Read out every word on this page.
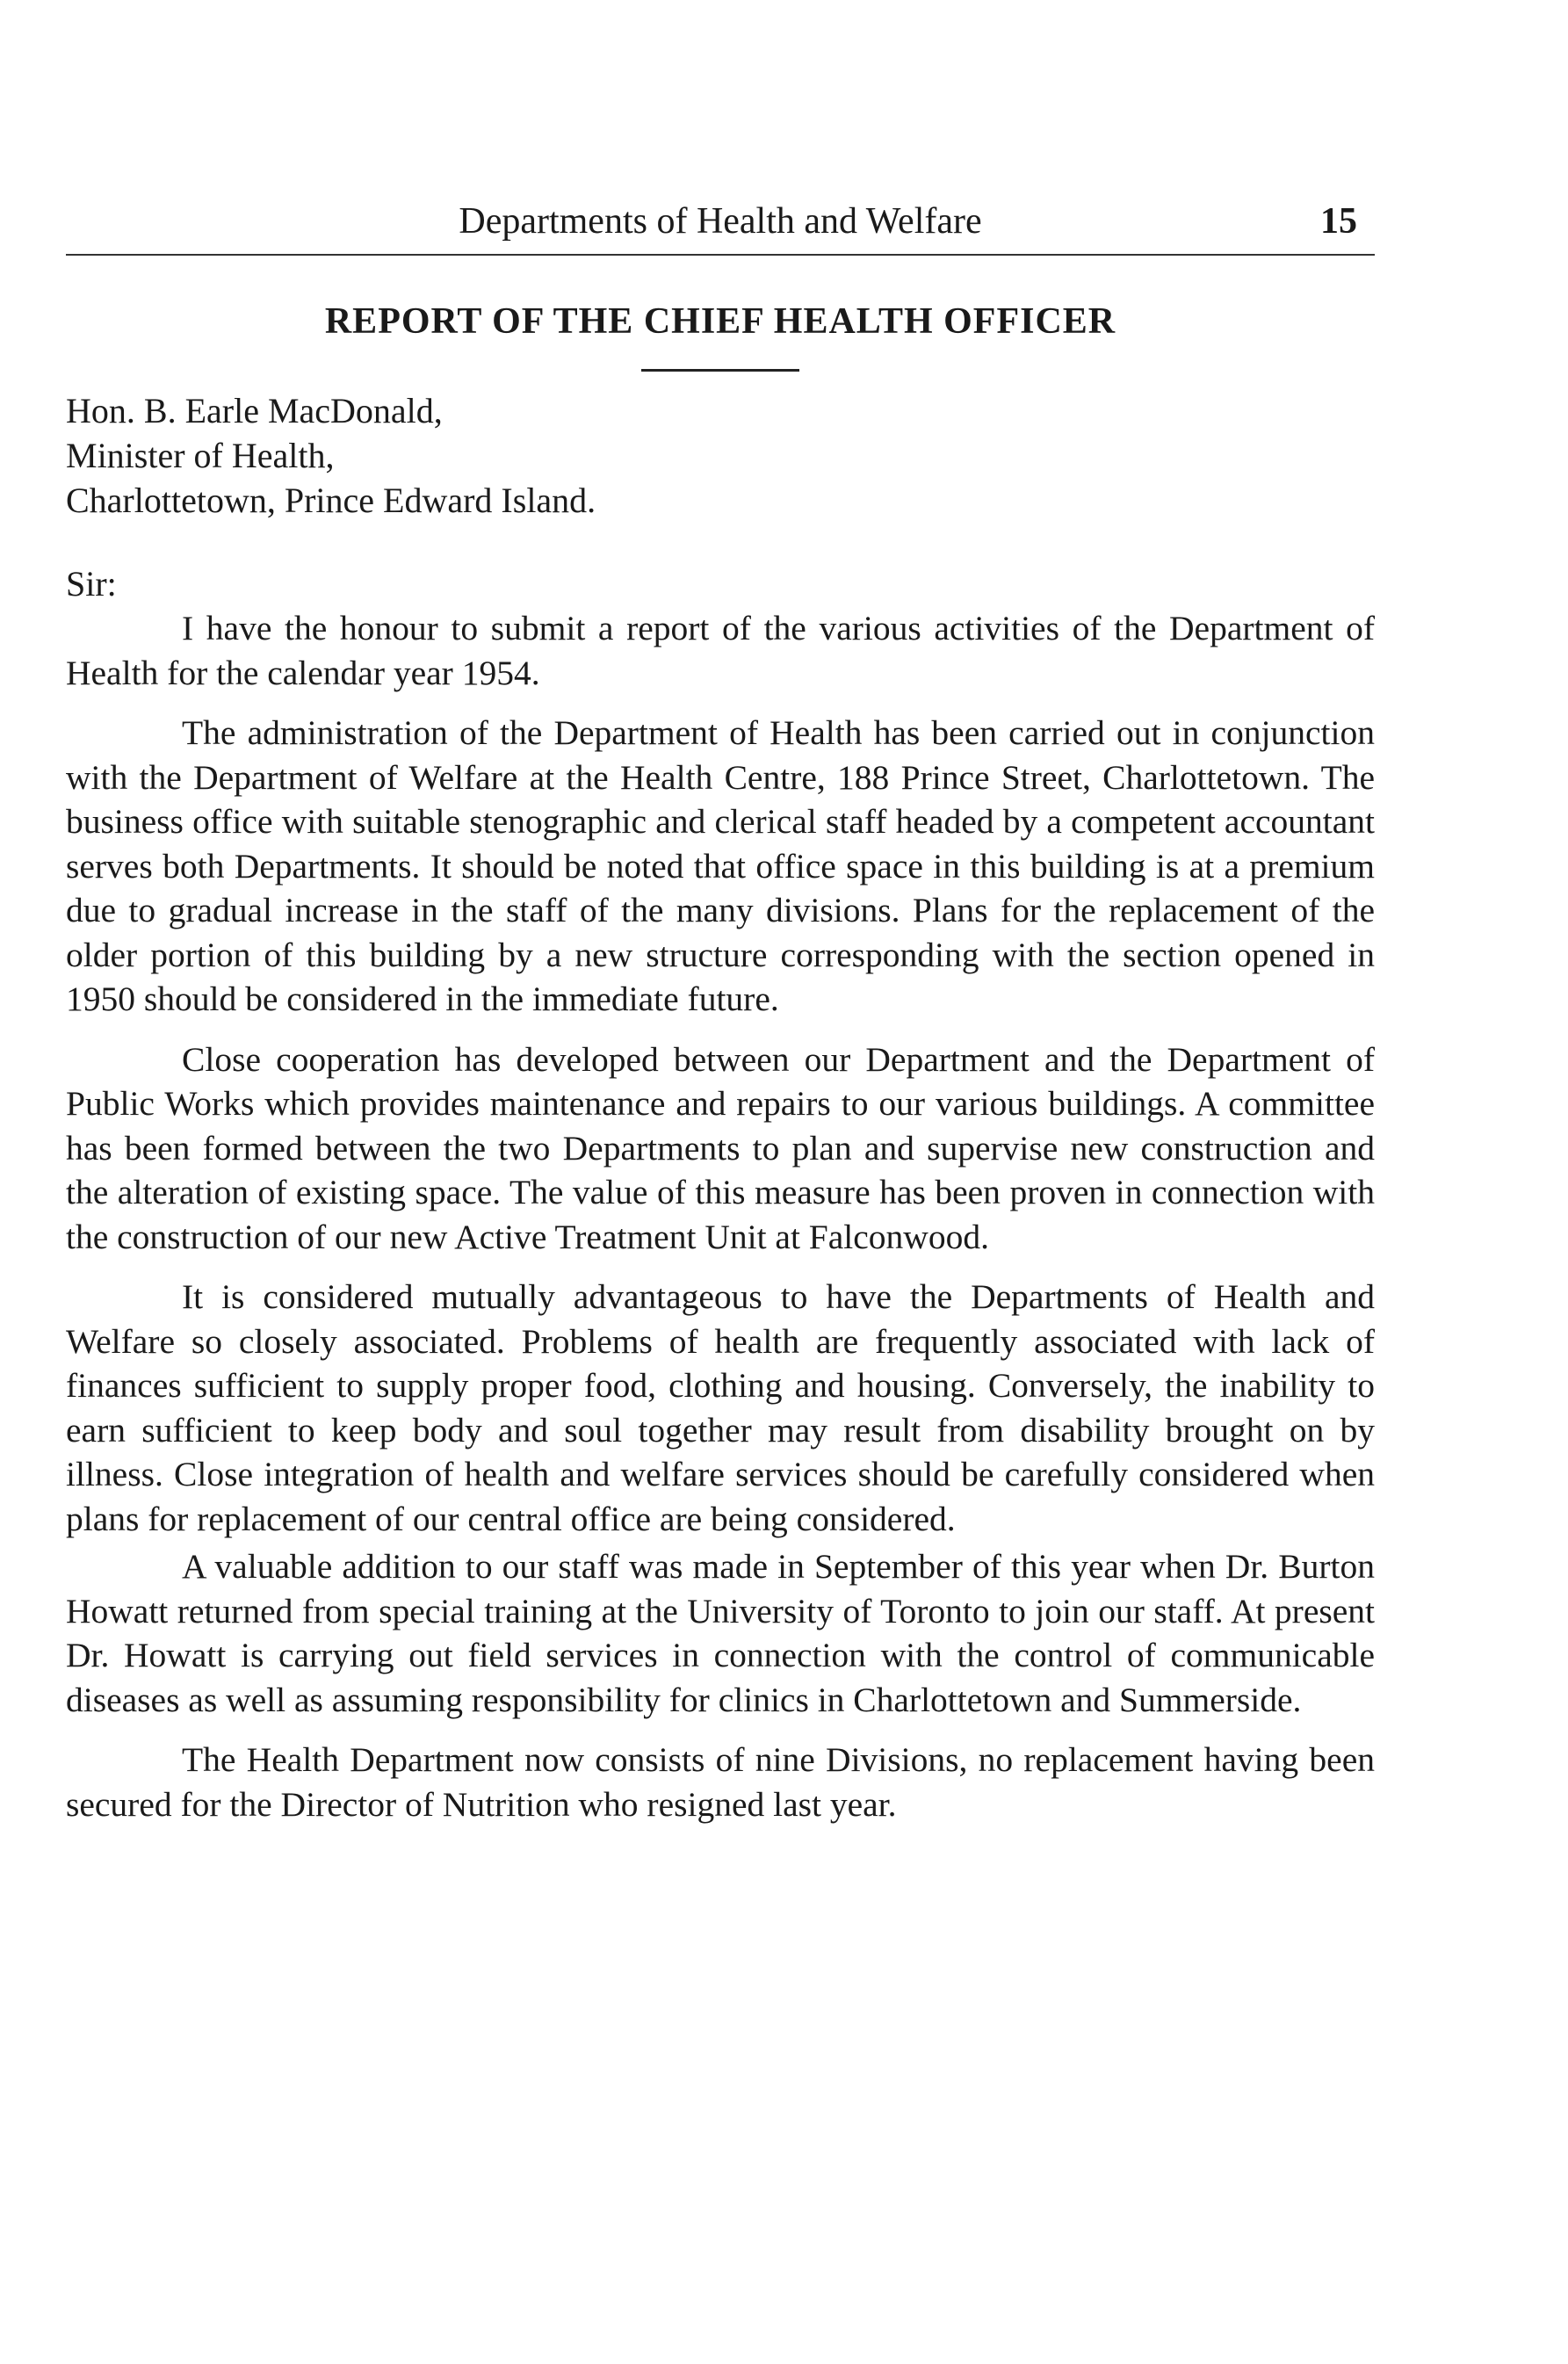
Departments of Health and Welfare	15
REPORT OF THE CHIEF HEALTH OFFICER
Hon. B. Earle MacDonald,
Minister of Health,
Charlottetown, Prince Edward Island.
Sir:

I have the honour to submit a report of the various activities of the Department of Health for the calendar year 1954.

The administration of the Department of Health has been carried out in conjunction with the Department of Welfare at the Health Centre, 188 Prince Street, Charlottetown. The business office with suitable stenographic and clerical staff headed by a competent accountant serves both Departments. It should be noted that office space in this building is at a premium due to gradual increase in the staff of the many divisions. Plans for the replacement of the older portion of this building by a new structure corresponding with the section opened in 1950 should be considered in the immediate future.

Close cooperation has developed between our Department and the Department of Public Works which provides maintenance and repairs to our various buildings. A committee has been formed between the two Departments to plan and supervise new construction and the alteration of existing space. The value of this measure has been proven in connection with the construction of our new Active Treatment Unit at Falconwood.

It is considered mutually advantageous to have the Departments of Health and Welfare so closely associated. Problems of health are frequently associated with lack of finances sufficient to supply proper food, clothing and housing. Conversely, the inability to earn sufficient to keep body and soul together may result from disability brought on by illness. Close integration of health and welfare services should be carefully considered when plans for replacement of our central office are being considered.

A valuable addition to our staff was made in September of this year when Dr. Burton Howatt returned from special training at the University of Toronto to join our staff. At present Dr. Howatt is carrying out field services in connection with the control of communicable diseases as well as assuming responsibility for clinics in Charlottetown and Summerside.

The Health Department now consists of nine Divisions, no replacement having been secured for the Director of Nutrition who resigned last year.
